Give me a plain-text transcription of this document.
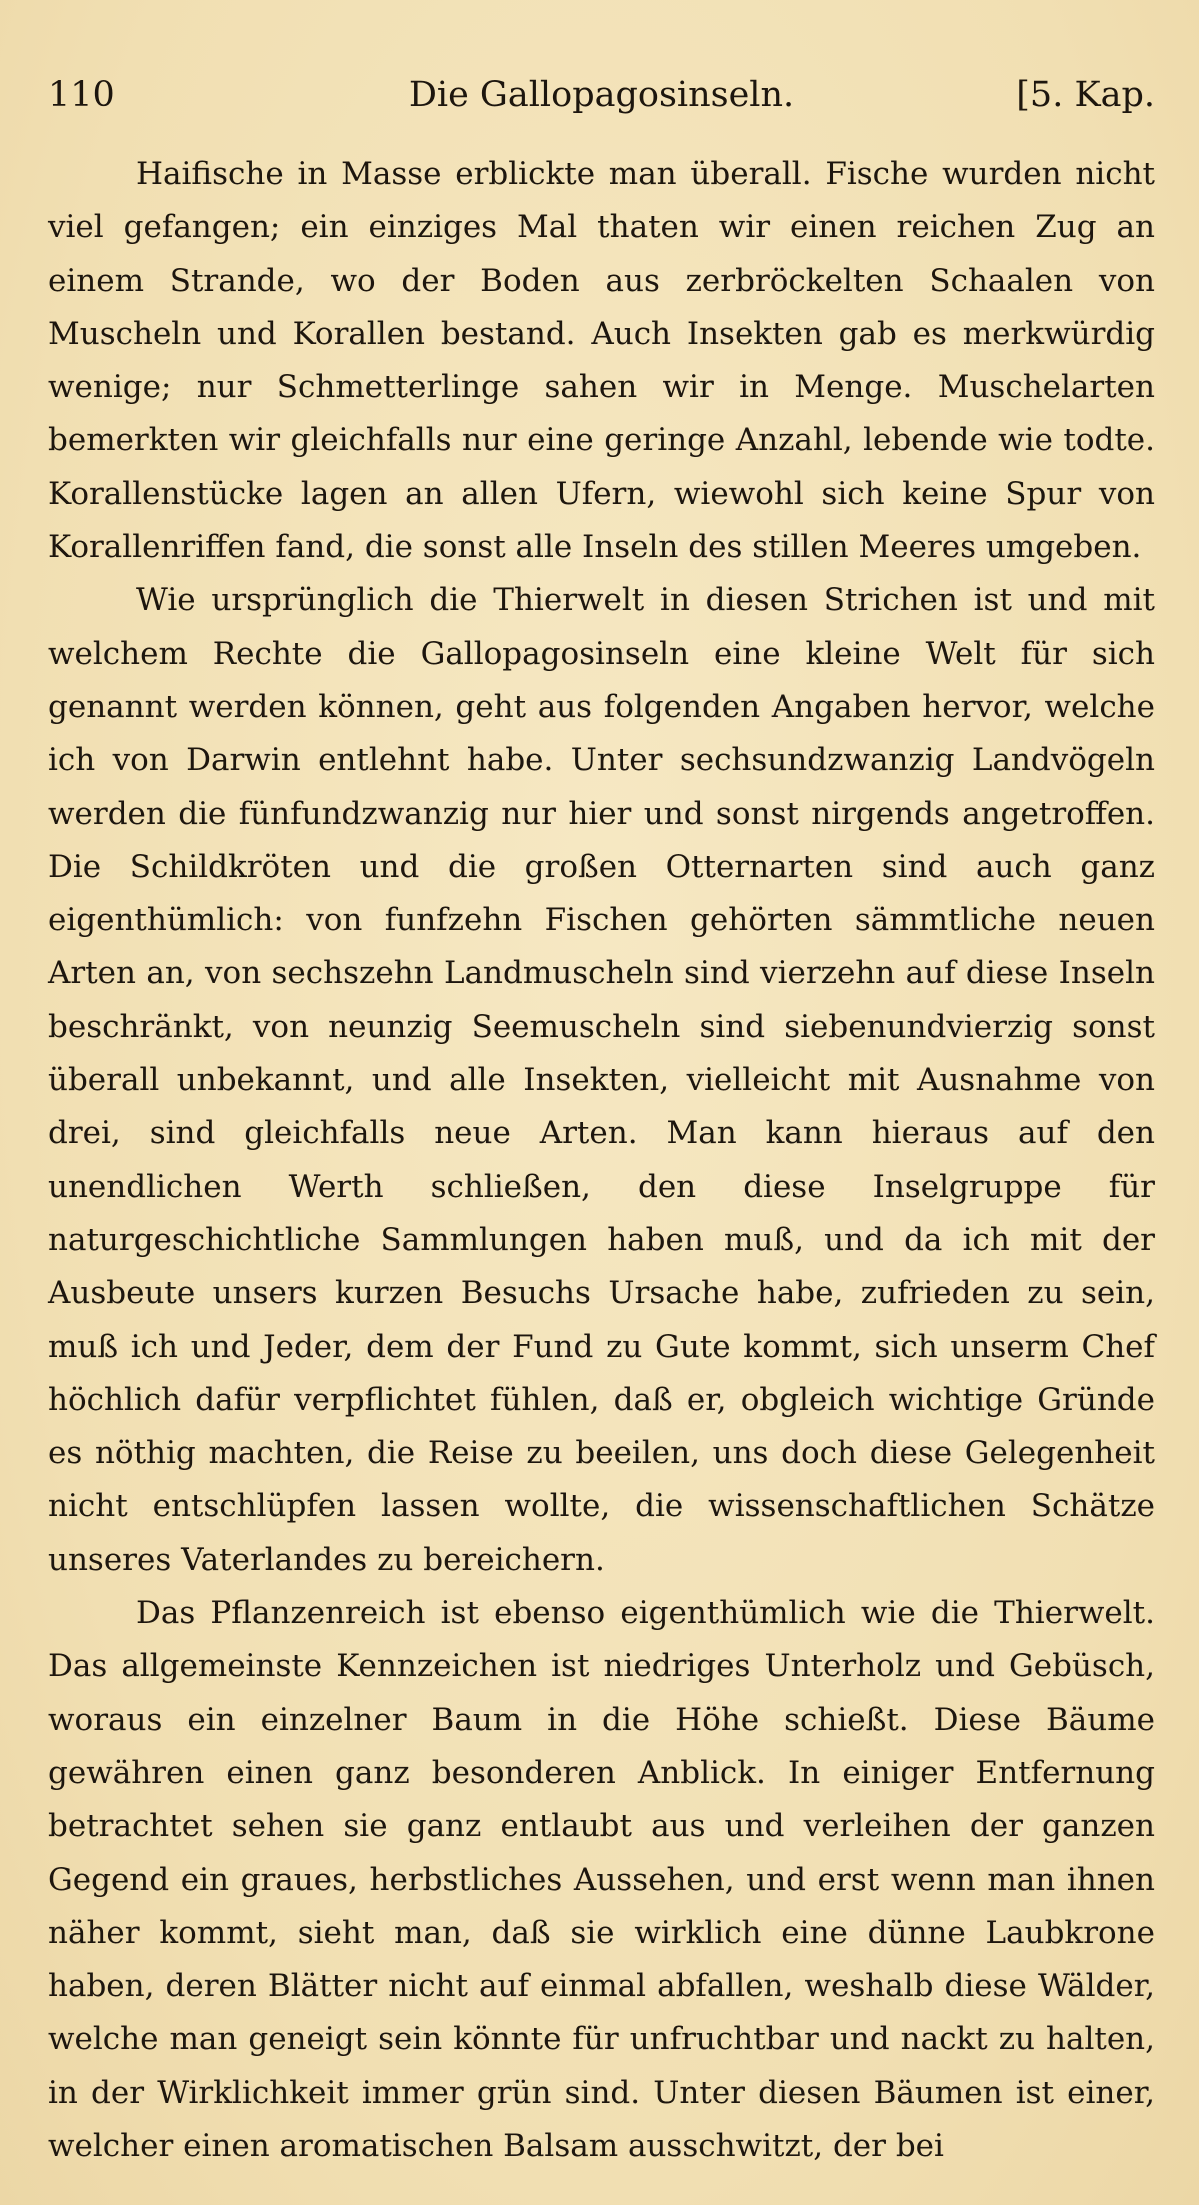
110	Die Gallopagosinseln.	[5. Kap.

Haifische in Masse erblickte man überall. Fische wurden nicht viel gefangen; ein einziges Mal thaten wir einen reichen Zug an einem Strande, wo der Boden aus zerbröckelten Schaalen von Muscheln und Korallen bestand. Auch Insekten gab es merkwürdig wenige; nur Schmetterlinge sahen wir in Menge. Muschelarten bemerkten wir gleichfalls nur eine geringe Anzahl, lebende wie todte. Korallenstücke lagen an allen Ufern, wiewohl sich keine Spur von Korallenriffen fand, die sonst alle Inseln des stillen Meeres umgeben.

Wie ursprünglich die Thierwelt in diesen Strichen ist und mit welchem Rechte die Gallopagosinseln eine kleine Welt für sich genannt werden können, geht aus folgenden Angaben hervor, welche ich von Darwin entlehnt habe. Unter sechsundzwanzig Landvögeln werden die fünfundzwanzig nur hier und sonst nirgends angetroffen. Die Schildkröten und die großen Otternarten sind auch ganz eigenthümlich: von funfzehn Fischen gehörten sämmtliche neuen Arten an, von sechszehn Landmuscheln sind vierzehn auf diese Inseln beschränkt, von neunzig Seemuscheln sind siebenundvierzig sonst überall unbekannt, und alle Insekten, vielleicht mit Ausnahme von drei, sind gleichfalls neue Arten. Man kann hieraus auf den unendlichen Werth schließen, den diese Inselgruppe für naturgeschichtliche Sammlungen haben muß, und da ich mit der Ausbeute unsers kurzen Besuchs Ursache habe, zufrieden zu sein, muß ich und Jeder, dem der Fund zu Gute kommt, sich unserm Chef höchlich dafür verpflichtet fühlen, daß er, obgleich wichtige Gründe es nöthig machten, die Reise zu beeilen, uns doch diese Gelegenheit nicht entschlüpfen lassen wollte, die wissenschaftlichen Schätze unseres Vaterlandes zu bereichern.

Das Pflanzenreich ist ebenso eigenthümlich wie die Thierwelt. Das allgemeinste Kennzeichen ist niedriges Unterholz und Gebüsch, woraus ein einzelner Baum in die Höhe schießt. Diese Bäume gewähren einen ganz besonderen Anblick. In einiger Entfernung betrachtet sehen sie ganz entlaubt aus und verleihen der ganzen Gegend ein graues, herbstliches Aussehen, und erst wenn man ihnen näher kommt, sieht man, daß sie wirklich eine dünne Laubkrone haben, deren Blätter nicht auf einmal abfallen, weshalb diese Wälder, welche man geneigt sein könnte für unfruchtbar und nackt zu halten, in der Wirklichkeit immer grün sind. Unter diesen Bäumen ist einer, welcher einen aromatischen Balsam ausschwitzt, der bei
